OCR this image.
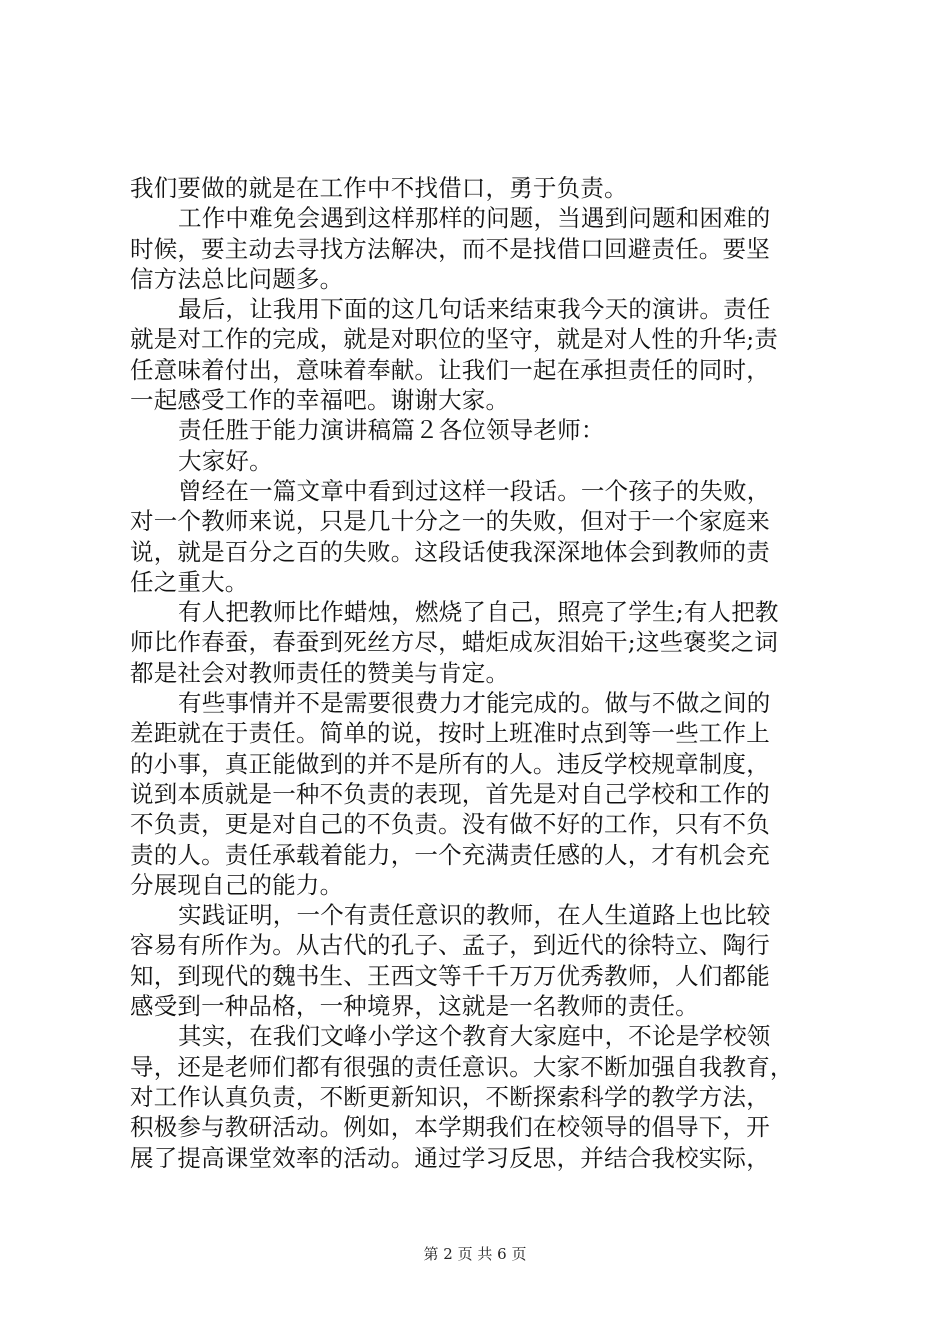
我们要做的就是在工作中不找借口，勇于负责。
工作中难免会遇到这样那样的问题，当遇到问题和困难的
时候，要主动去寻找方法解决，而不是找借口回避责任。要坚
信方法总比问题多。
最后，让我用下面的这几句话来结束我今天的演讲。责任
就是对工作的完成，就是对职位的坚守，就是对人性的升华;责
任意味着付出，意味着奉献。让我们一起在承担责任的同时，
一起感受工作的幸福吧。谢谢大家。
责任胜于能力演讲稿篇２各位领导老师：
大家好。
曾经在一篇文章中看到过这样一段话。一个孩子的失败，
对一个教师来说，只是几十分之一的失败，但对于一个家庭来
说，就是百分之百的失败。这段话使我深深地体会到教师的责
任之重大。
有人把教师比作蜡烛，燃烧了自己，照亮了学生;有人把教
师比作春蚕，春蚕到死丝方尽，蜡炬成灰泪始干;这些褒奖之词
都是社会对教师责任的赞美与肯定。
有些事情并不是需要很费力才能完成的。做与不做之间的
差距就在于责任。简单的说，按时上班准时点到等一些工作上
的小事，真正能做到的并不是所有的人。违反学校规章制度，
说到本质就是一种不负责的表现，首先是对自己学校和工作的
不负责，更是对自己的不负责。没有做不好的工作，只有不负
责的人。责任承载着能力，一个充满责任感的人，才有机会充
分展现自己的能力。
实践证明，一个有责任意识的教师，在人生道路上也比较
容易有所作为。从古代的孔子、孟子，到近代的徐特立、陶行
知，到现代的魏书生、王西文等千千万万优秀教师，人们都能
感受到一种品格，一种境界，这就是一名教师的责任。
其实，在我们文峰小学这个教育大家庭中，不论是学校领
导，还是老师们都有很强的责任意识。大家不断加强自我教育，
对工作认真负责，不断更新知识，不断探索科学的教学方法，
积极参与教研活动。例如，本学期我们在校领导的倡导下，开
展了提高课堂效率的活动。通过学习反思，并结合我校实际，
第 2 页 共 6 页
